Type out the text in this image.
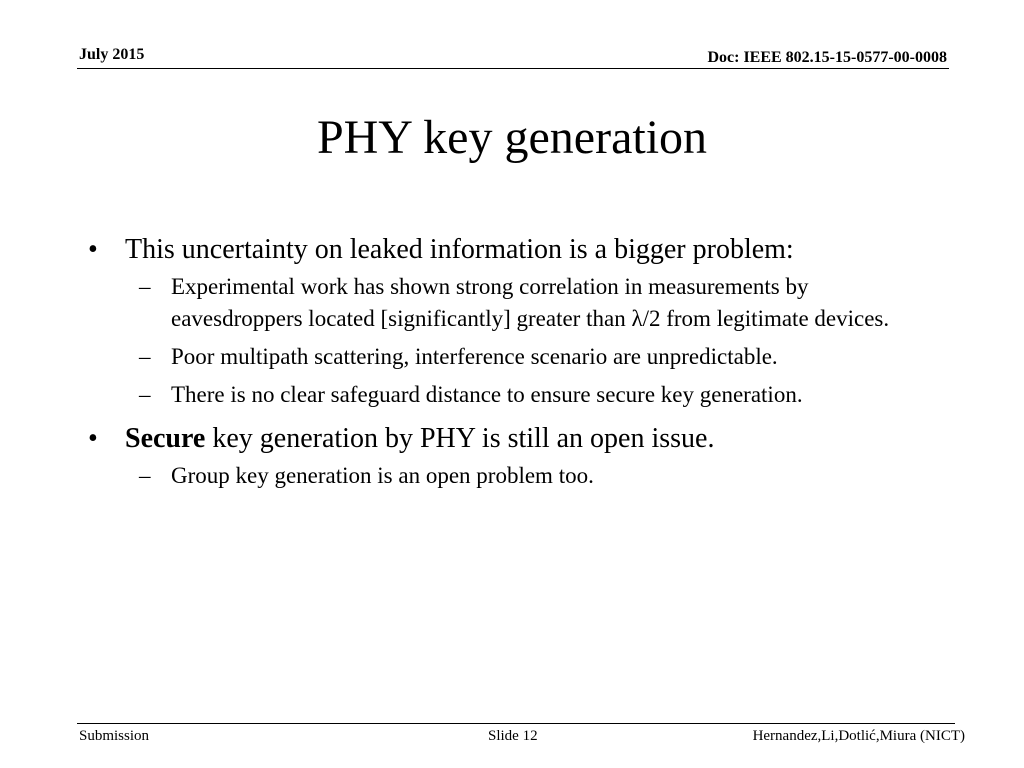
July 2015	Doc: IEEE 802.15-15-0577-00-0008
PHY key generation
• This uncertainty on leaked information is a bigger problem:
– Experimental work has shown strong correlation in measurements by eavesdroppers located [significantly] greater than λ/2 from legitimate devices.
– Poor multipath scattering, interference scenario are unpredictable.
– There is no clear safeguard distance to ensure secure key generation.
• Secure key generation by PHY is still an open issue.
– Group key generation is an open problem too.
Submission	Slide 12	Hernandez,Li,Dotlić,Miura (NICT)
